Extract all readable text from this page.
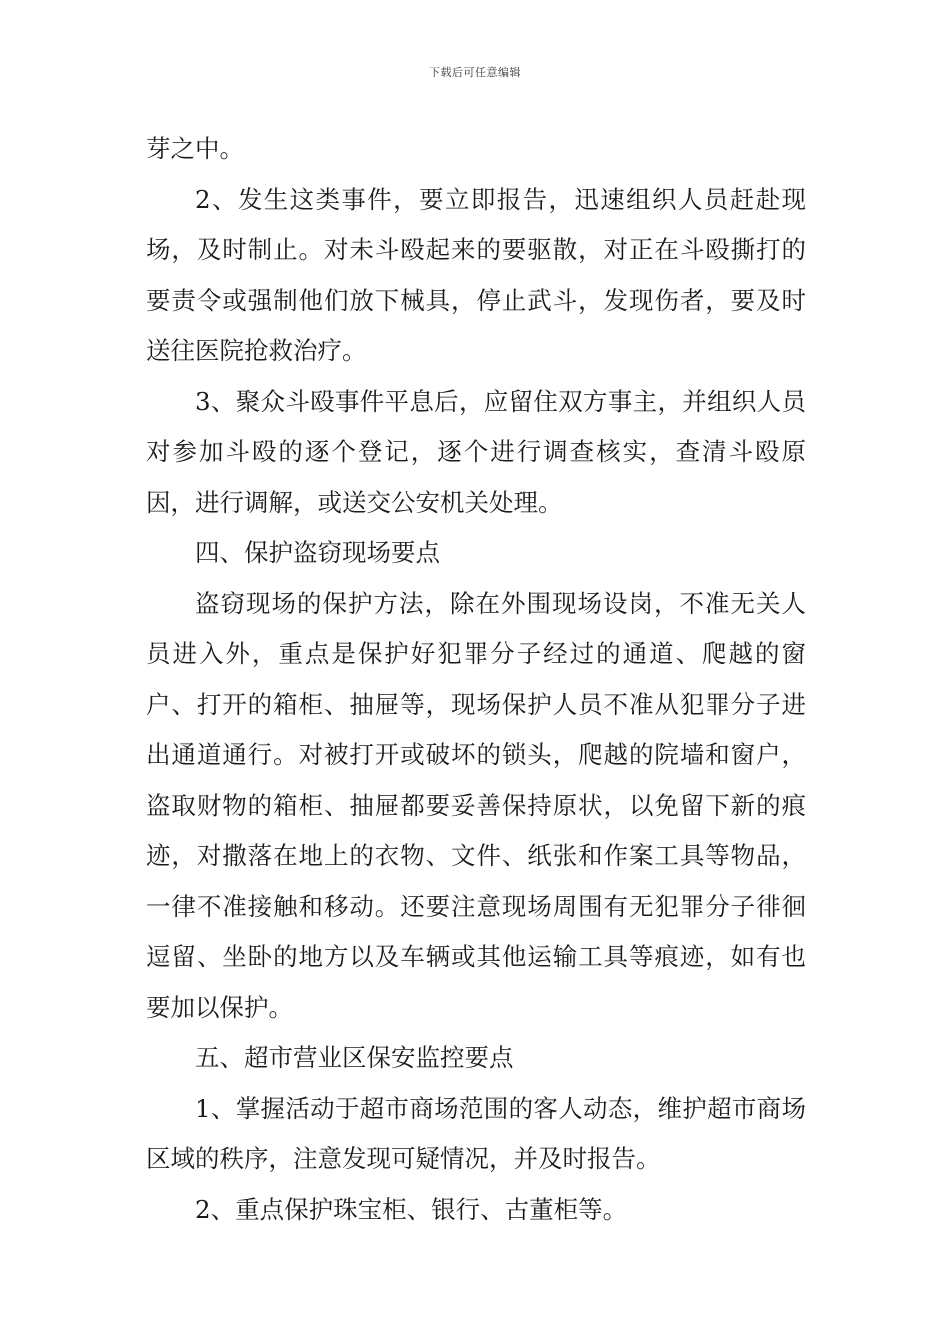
下载后可任意编辑

芽之中。

2、发生这类事件，要立即报告，迅速组织人员赶赴现场，及时制止。对未斗殴起来的要驱散，对正在斗殴撕打的要责令或强制他们放下械具，停止武斗，发现伤者，要及时送往医院抢救治疗。

3、聚众斗殴事件平息后，应留住双方事主，并组织人员对参加斗殴的逐个登记，逐个进行调查核实，查清斗殴原因，进行调解，或送交公安机关处理。

四、保护盗窃现场要点

盗窃现场的保护方法，除在外围现场设岗，不准无关人员进入外，重点是保护好犯罪分子经过的通道、爬越的窗户、打开的箱柜、抽屉等，现场保护人员不准从犯罪分子进出通道通行。对被打开或破坏的锁头，爬越的院墙和窗户，盗取财物的箱柜、抽屉都要妥善保持原状，以免留下新的痕迹，对撒落在地上的衣物、文件、纸张和作案工具等物品，一律不准接触和移动。还要注意现场周围有无犯罪分子徘徊逗留、坐卧的地方以及车辆或其他运输工具等痕迹，如有也要加以保护。

五、超市营业区保安监控要点

1、掌握活动于超市商场范围的客人动态，维护超市商场区域的秩序，注意发现可疑情况，并及时报告。

2、重点保护珠宝柜、银行、古董柜等。
